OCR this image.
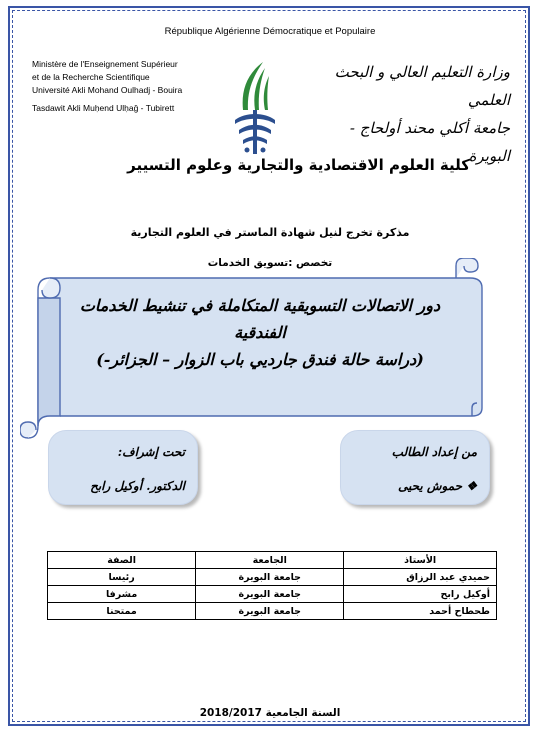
République Algérienne Démocratique et Populaire
Ministère de l'Enseignement Supérieur
et de la Recherche Scientifique
Université Akli Mohand Oulhadj - Bouira
Tasdawit Akli Muḥend Ulḥağ - Tubirett
وزارة التعليم العالي و البحث العلمي
جامعة أكلي محند أولحاج - البويرة
كلية العلوم الاقتصادية والتجارية وعلوم التسيير
مذكرة تخرج لنيل شهادة الماستر في العلوم التجارية
تخصص :تسويق الخدمات
دور الاتصالات التسويقية المتكاملة في تنشيط الخدمات
الفندقية
(دراسة حالة فندق جارديي باب الزوار – الجزائر-)
من إعداد الطالب
❖ حموش يحيى
تحت إشراف:
الدكتور. أوكيل رابح
الأستاذ	الجامعة	الصفة
حميدي عبد الرزاق	جامعة البويرة	رئيسا
أوكيل رابح	جامعة البويرة	مشرفا
طحطاح أحمد	جامعة البويرة	ممتحنا
السنة الجامعية 2018/2017
